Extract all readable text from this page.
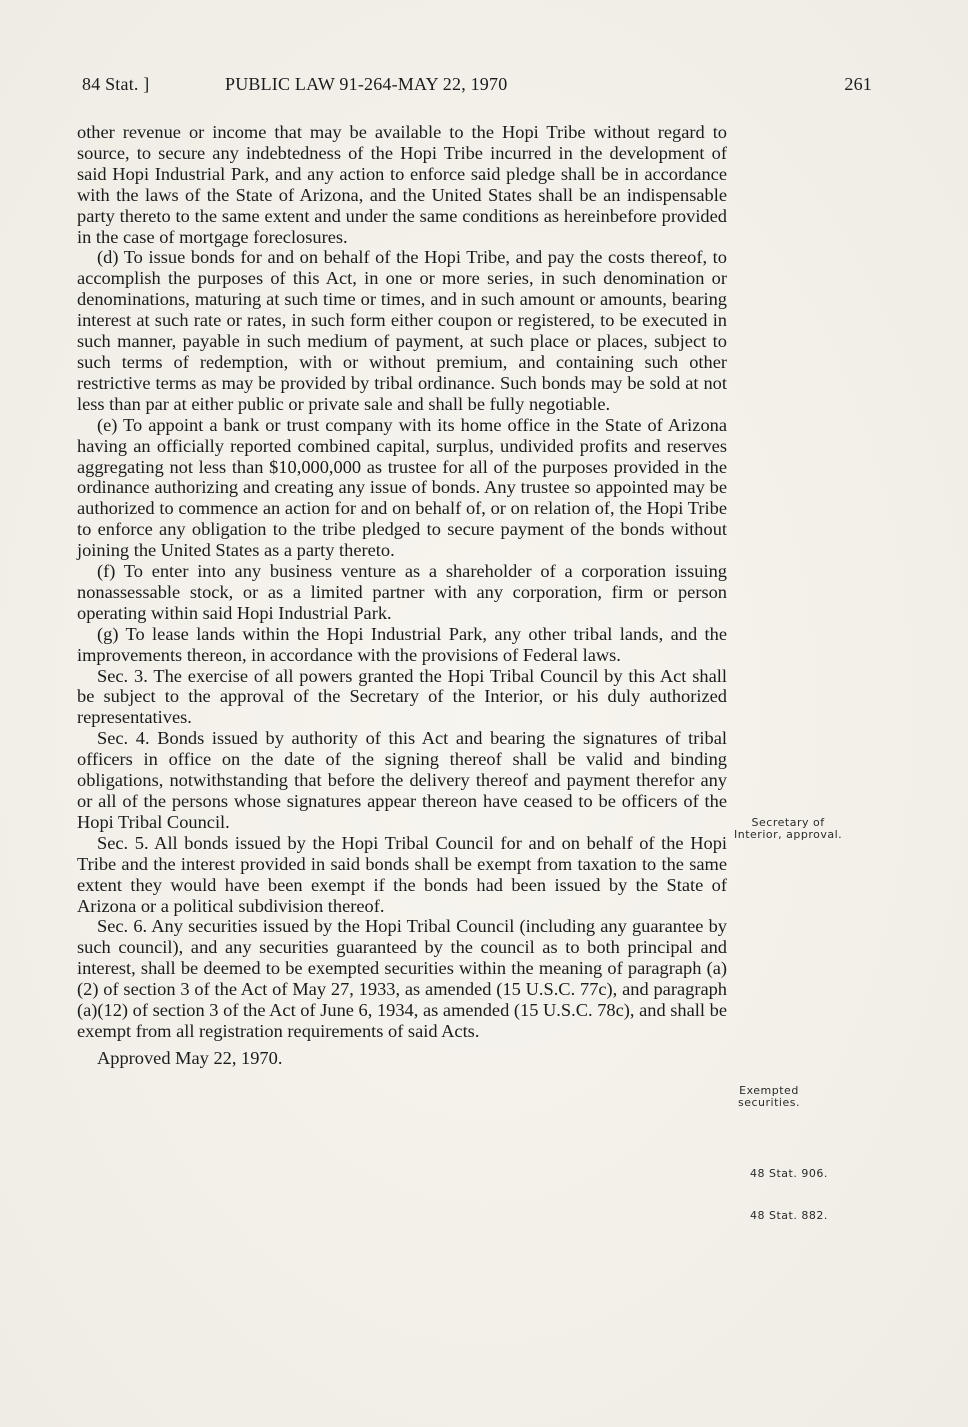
84 Stat. ]	PUBLIC LAW 91-264-MAY 22, 1970	261

other revenue or income that may be available to the Hopi Tribe without regard to source, to secure any indebtedness of the Hopi Tribe incurred in the development of said Hopi Industrial Park, and any action to enforce said pledge shall be in accordance with the laws of the State of Arizona, and the United States shall be an indispensable party thereto to the same extent and under the same conditions as hereinbefore provided in the case of mortgage foreclosures.

(d) To issue bonds for and on behalf of the Hopi Tribe, and pay the costs thereof, to accomplish the purposes of this Act, in one or more series, in such denomination or denominations, maturing at such time or times, and in such amount or amounts, bearing interest at such rate or rates, in such form either coupon or registered, to be executed in such manner, payable in such medium of payment, at such place or places, subject to such terms of redemption, with or without premium, and containing such other restrictive terms as may be provided by tribal ordinance. Such bonds may be sold at not less than par at either public or private sale and shall be fully negotiable.

(e) To appoint a bank or trust company with its home office in the State of Arizona having an officially reported combined capital, surplus, undivided profits and reserves aggregating not less than $10,000,000 as trustee for all of the purposes provided in the ordinance authorizing and creating any issue of bonds. Any trustee so appointed may be authorized to commence an action for and on behalf of, or on relation of, the Hopi Tribe to enforce any obligation to the tribe pledged to secure payment of the bonds without joining the United States as a party thereto.

(f) To enter into any business venture as a shareholder of a corporation issuing nonassessable stock, or as a limited partner with any corporation, firm or person operating within said Hopi Industrial Park.

(g) To lease lands within the Hopi Industrial Park, any other tribal lands, and the improvements thereon, in accordance with the provisions of Federal laws.

Sec. 3. The exercise of all powers granted the Hopi Tribal Council by this Act shall be subject to the approval of the Secretary of the Interior, or his duly authorized representatives.

Sec. 4. Bonds issued by authority of this Act and bearing the signatures of tribal officers in office on the date of the signing thereof shall be valid and binding obligations, notwithstanding that before the delivery thereof and payment therefor any or all of the persons whose signatures appear thereon have ceased to be officers of the Hopi Tribal Council.

Sec. 5. All bonds issued by the Hopi Tribal Council for and on behalf of the Hopi Tribe and the interest provided in said bonds shall be exempt from taxation to the same extent they would have been exempt if the bonds had been issued by the State of Arizona or a political subdivision thereof.

Sec. 6. Any securities issued by the Hopi Tribal Council (including any guarantee by such council), and any securities guaranteed by the council as to both principal and interest, shall be deemed to be exempted securities within the meaning of paragraph (a)(2) of section 3 of the Act of May 27, 1933, as amended (15 U.S.C. 77c), and paragraph (a)(12) of section 3 of the Act of June 6, 1934, as amended (15 U.S.C. 78c), and shall be exempt from all registration requirements of said Acts.

Approved May 22, 1970.

Secretary of
Interior, approval.
Exempted
securities.
48 Stat. 906.
48 Stat. 882.
